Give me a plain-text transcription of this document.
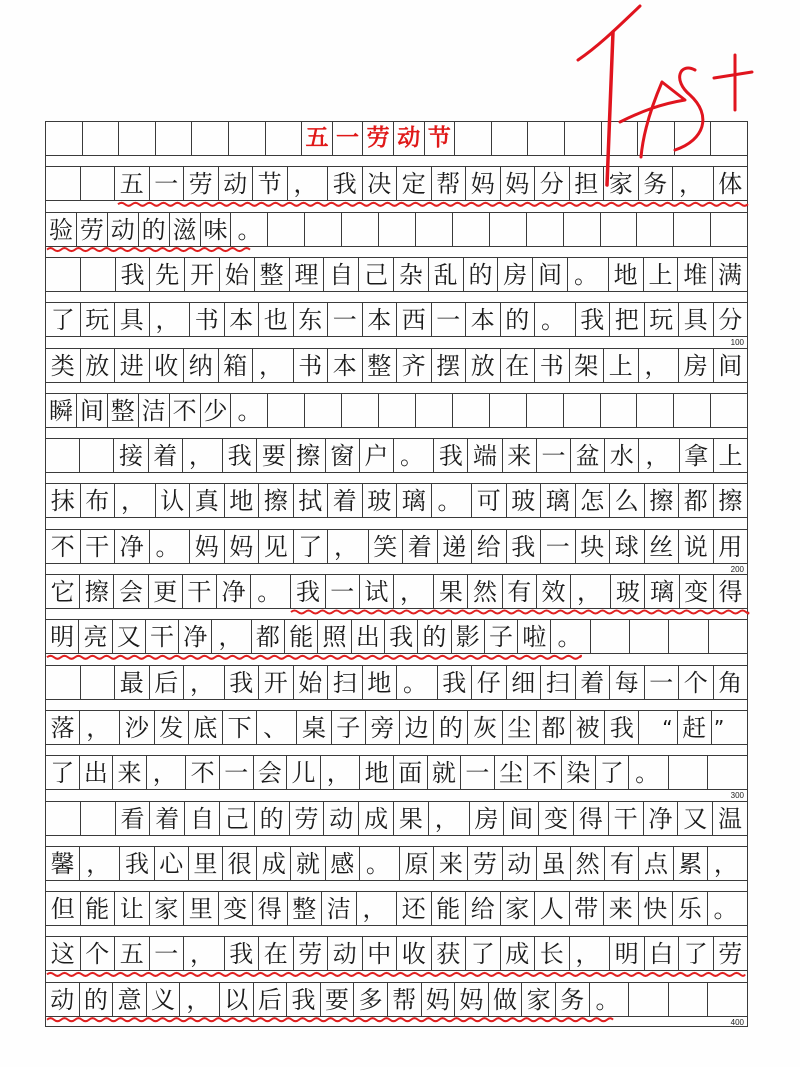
五 一 劳 动 节
五 一 劳 动 节 ， 我 决 定 帮 妈 妈 分 担 家 务 ， 体
验 劳 动 的 滋 味 。
我 先 开 始 整 理 自 己 杂 乱 的 房 间 。 地 上 堆 满
了 玩 具 ， 书 本 也 东 一 本 西 一 本 的 。 我 把 玩 具 分
100
类 放 进 收 纳 箱 ， 书 本 整 齐 摆 放 在 书 架 上 ， 房 间
瞬 间 整 洁 不 少 。
接 着 ， 我 要 擦 窗 户 。 我 端 来 一 盆 水 ， 拿 上
抹 布 ， 认 真 地 擦 拭 着 玻 璃 。 可 玻 璃 怎 么 擦 都 擦
不 干 净 。 妈 妈 见 了 ， 笑 着 递 给 我 一 块 球 丝 说 用
200
它 擦 会 更 干 净 。 我 一 试 ， 果 然 有 效 ， 玻 璃 变 得
明 亮 又 干 净 ， 都 能 照 出 我 的 影 子 啦 。
最 后 ， 我 开 始 扫 地 。 我 仔 细 扫 着 每 一 个 角
落 ， 沙 发 底 下 、 桌 子 旁 边 的 灰 尘 都 被 我	“ 赶 ”
了 出 来 ， 不 一 会 儿 ， 地 面 就 一 尘 不 染 了 。
300
看 着 自 己 的 劳 动 成 果 ， 房 间 变 得 干 净 又 温
馨 ， 我 心 里 很 成 就 感 。 原 来 劳 动 虽 然 有 点 累 ，
但 能 让 家 里 变 得 整 洁 ， 还 能 给 家 人 带 来 快 乐 。
这 个 五 一 ， 我 在 劳 动 中 收 获 了 成 长 ， 明 白 了 劳
动 的 意 义 ， 以 后 我 要 多 帮 妈 妈 做 家 务 。
400
